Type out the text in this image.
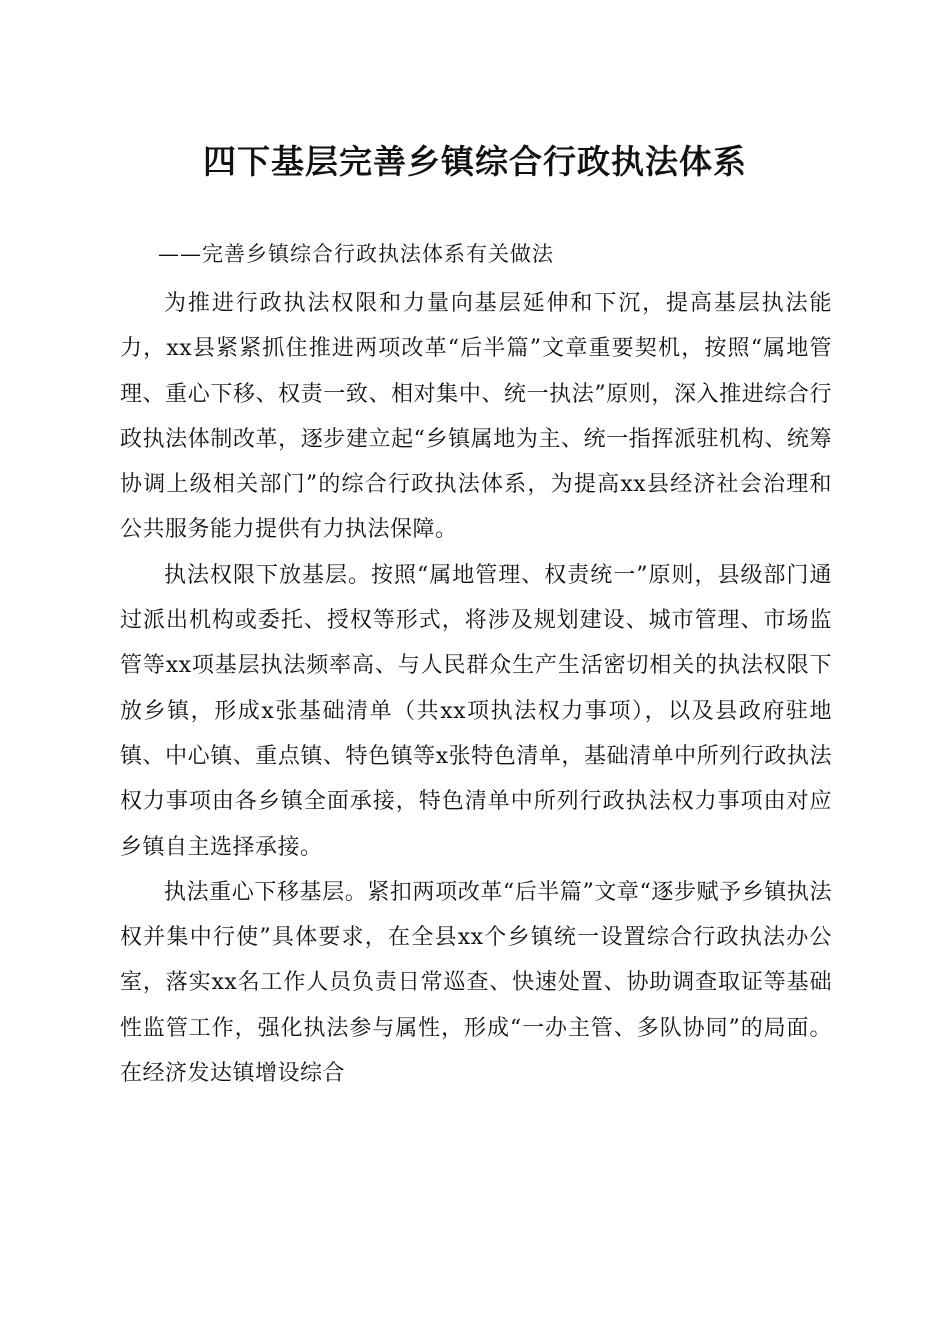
四下基层完善乡镇综合行政执法体系

——完善乡镇综合行政执法体系有关做法

为推进行政执法权限和力量向基层延伸和下沉，提高基层执法能力，xx县紧紧抓住推进两项改革“后半篇”文章重要契机，按照“属地管理、重心下移、权责一致、相对集中、统一执法”原则，深入推进综合行政执法体制改革，逐步建立起“乡镇属地为主、统一指挥派驻机构、统筹协调上级相关部门”的综合行政执法体系，为提高xx县经济社会治理和公共服务能力提供有力执法保障。

执法权限下放基层。按照“属地管理、权责统一”原则，县级部门通过派出机构或委托、授权等形式，将涉及规划建设、城市管理、市场监管等xx项基层执法频率高、与人民群众生产生活密切相关的执法权限下放乡镇，形成x张基础清单（共xx项执法权力事项），以及县政府驻地镇、中心镇、重点镇、特色镇等x张特色清单，基础清单中所列行政执法权力事项由各乡镇全面承接，特色清单中所列行政执法权力事项由对应乡镇自主选择承接。

执法重心下移基层。紧扣两项改革“后半篇”文章“逐步赋予乡镇执法权并集中行使”具体要求，在全县xx个乡镇统一设置综合行政执法办公室，落实xx名工作人员负责日常巡查、快速处置、协助调查取证等基础性监管工作，强化执法参与属性，形成“一办主管、多队协同”的局面。在经济发达镇增设综合
